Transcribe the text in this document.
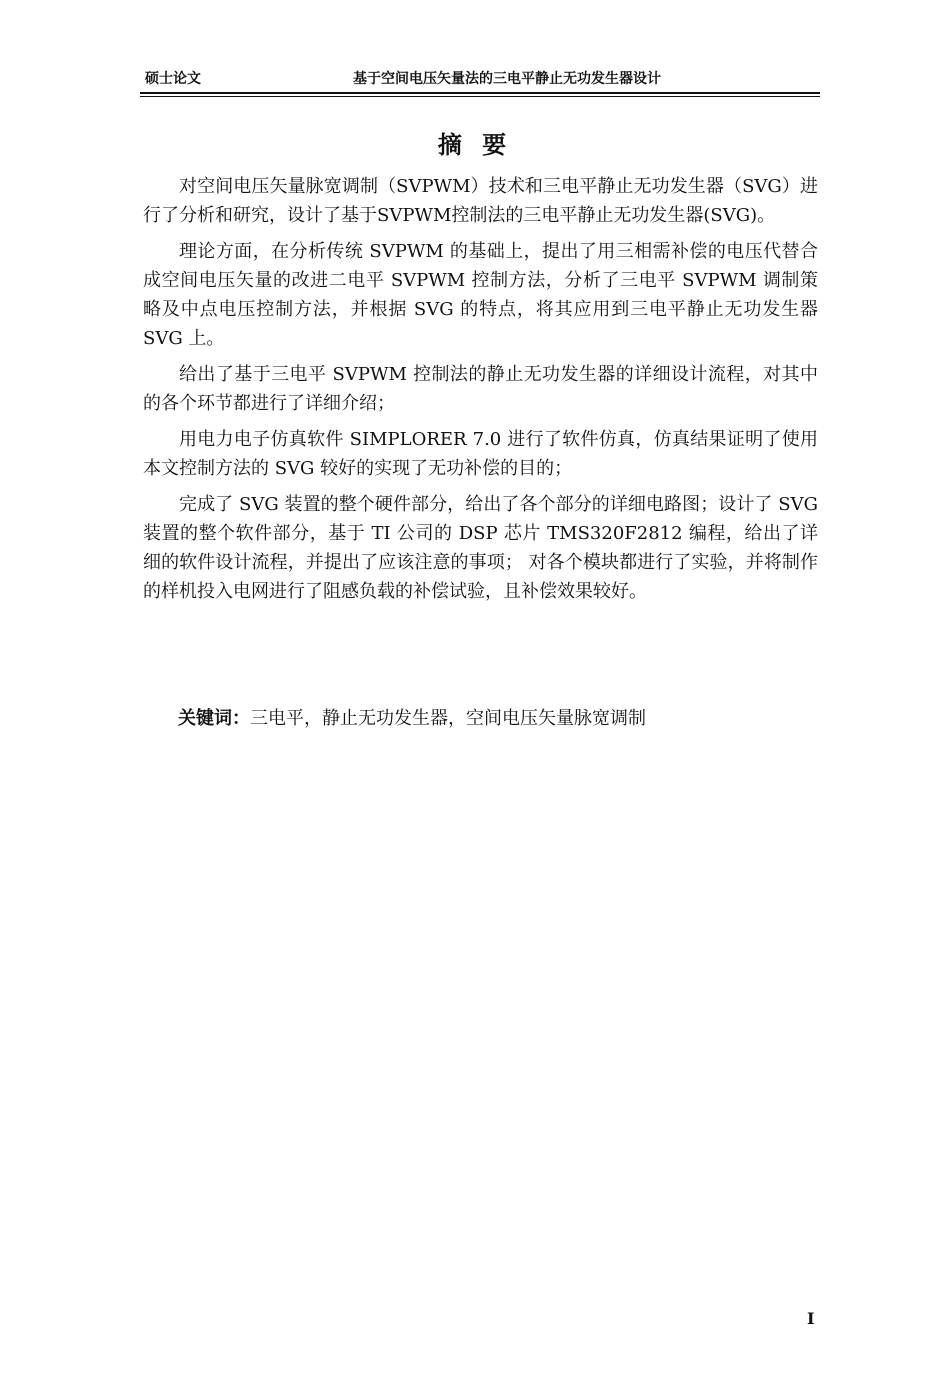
硕士论文	基于空间电压矢量法的三电平静止无功发生器设计
摘 要

对空间电压矢量脉宽调制（SVPWM）技术和三电平静止无功发生器（SVG）进行了分析和研究，设计了基于SVPWM控制法的三电平静止无功发生器(SVG)。

理论方面，在分析传统 SVPWM 的基础上，提出了用三相需补偿的电压代替合成空间电压矢量的改进二电平 SVPWM 控制方法，分析了三电平 SVPWM 调制策略及中点电压控制方法，并根据 SVG 的特点，将其应用到三电平静止无功发生器 SVG 上。

给出了基于三电平 SVPWM 控制法的静止无功发生器的详细设计流程，对其中的各个环节都进行了详细介绍；

用电力电子仿真软件 SIMPLORER 7.0 进行了软件仿真，仿真结果证明了使用本文控制方法的 SVG 较好的实现了无功补偿的目的；

完成了 SVG 装置的整个硬件部分，给出了各个部分的详细电路图；设计了 SVG 装置的整个软件部分，基于 TI 公司的 DSP 芯片 TMS320F2812 编程，给出了详细的软件设计流程，并提出了应该注意的事项； 对各个模块都进行了实验，并将制作的样机投入电网进行了阻感负载的补偿试验，且补偿效果较好。

关键词：三电平，静止无功发生器，空间电压矢量脉宽调制
I
